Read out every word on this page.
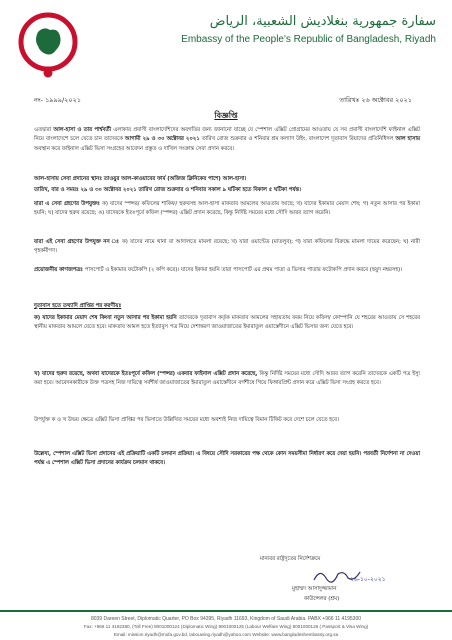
سفارة جمهورية بنغلاديش الشعبية، الرياض
Embassy of the People's Republic of Bangladesh, Riyadh
নং- ১৯৯৯/২০২১	তারিখঃ ২৬ অক্টোবর ২০২১
বিজ্ঞপ্তি
এতদ্বারা আল-হাসা ও তার পার্শ্ববর্তী এলাকার প্রবাসী বাংলাদেশিদের অবগতির জন্য জানানো যাচ্ছে যে স্পেশাল এক্সিট প্রোগ্রামের আওতায় যে সব প্রবাসী বাংলাদেশি ফাইনাল এক্সিট নিয়ে বাংলাদেশে চলে যেতে চান তাদেরকে আগামী ২৯ ও ৩০ অক্টোবর ২০২১ তারিখ রোজ শুক্রবার ও শনিবার শ্রম কল্যাণ উইং, বাংলাদেশ দূতাবাস রিয়াদের প্রতিনিধিদল আল হাসায় অবস্থান করে ফাইনাল এক্সিট ভিসা সংগ্রহের আবেদন প্রস্তুত ও দাখিল সংক্রান্ত সেবা প্রদান করবে।
আল-হাসায় সেবা প্রদানের স্থানঃ তাওয়ুর আল-কাওয়াবের ফার্ম (অজিজ ক্লিনিকের পাশে) আল-হাসা।
তারিখ, বার ও সময়ঃ ২৯ ও ৩০ অক্টোবর ২০২১ তারিখ রোজ শুক্রবার ও শনিবার সকাল ৯ ঘটিকা হতে বিকাল ৫ ঘটিকা পর্যন্ত।
যারা এ সেবা গ্রহণের উপযুক্তঃ ক) যাদের স্পন্সর/ কফিলের শাকিফ/ হুরুবসহ আল-হাসা মাকতাব আমলের আওতায় আছে; খ) যাদের ইকামার মেয়াদ শেষ; গ) নতুন আসার পর ইকামা হয়নি; ঘ) যাদের হুরুব রয়েছে; ঙ) যাদেরকে ইতঃপূর্বে কফিল (স্পন্সর) এক্সিট প্রদান করেছে, কিন্তু নির্দিষ্ট সময়ের মধ্যে সৌদি আরব ত্যাগ করেনি।
যারা এই সেবা গ্রহণের উপযুক্ত নন ঃ ক) যাদের নামে থানা বা আদালতে মামলা রয়েছে; খ) যারা ওয়ান্টেড (মাতলুব); গ) যারা কফিলের বিরুদ্ধে মামলা দায়ের করেছেন; ঘ) নারী গৃহকর্মীগণ।
প্রয়োজনীয় কাগজপত্রঃ পাসপোর্ট ও ইকামার ফটোকপি (২ কপি করে)। যাদের ইকামা হয়নি তারা পাসপোর্ট এর প্রথম পাতা ও ভিসার পাতার ফটোকপি প্রদান করবে (ছয়ুদ নম্বরসহ)।
দূতাবাস হতে তথ্যাদি প্রাপ্তির পর করণীয়ঃ
ক) যাদের ইকামার মেয়াদ শেষ কিংবা নতুন আসার পর ইকামা হয়নি তাদেরকে দূতাবাস কর্তৃক মাকতাব আমলের সহায়তায় ফরম নিয়ে কফিল/ কোম্পানি যে শহরের আওতায় সে শহরের স্থানীয় মাকতাব আমলে যেতে হবে। মাকতাব আমল হতে ইত্যাবুস পত্র নিয়ে দেশান্তরণ জাওয়াজাতের ইমারাতুল ওয়াস্তেদীনে এক্সিট ভিসার জন্য যেতে হবে।
খ) যাদের হুরুব রয়েছে, অথবা যাদেরকে ইতঃপূর্বে কফিল (স্পন্সর) একবার ফাইনাল এক্সিট প্রদান করেছে, কিন্তু নির্দিষ্ট সময়ের মধ্যে সৌদি আরব ত্যাগ করেনি তাদেরকে একটি পত্র ইস্যু করা হবে। আবেদনকারীকে উক্ত পত্রসহ নিজ দায়িত্বে সর্বশীর্ষ জাওয়াজাতের ইমারাতুল ওয়াস্তেদীনে বর্গশীষে গিয়ে ফিঙ্গারপ্রিন্ট প্রদান করে এক্সিট ভিসা সংগ্রহ করতে হবে।
উপর্যুক্ত ক ও খ উভয় ক্ষেত্রে এক্সিট ভিসা প্রাপ্তির পর ভিসাতে উল্লিখিত সময়ের মধ্যে অবশ্যই নিজ দায়িত্বে বিমান টিকিট করে দেশে চলে যেতে হবে।
উল্লেখ্য, স্পেশাল এক্সিট ভিসা প্রদানের এই প্রক্রিয়াটি একটি চলমান প্রক্রিয়া। এ বিষয়ে সৌদি সরকারের পক্ষ থেকে কোন সময়সীমা নির্ধারণ করে দেয়া হয়নি। পরবর্তী নির্দেশনা না দেওয়া পর্যন্ত এ স্পেশাল এক্সিট ভিসা প্রদানের কার্যক্রম চলমান থাকবে।
মান্যবর রাষ্ট্রদূতের নির্দেশক্রমে
২৬-১০-২০২১
মুহাম্মদ আসাদুজ্জামান
কাউন্সেলর (শ্রম)
8039 Dareen Street, Diplomatic Quarter, PO Box 94395, Riyadh 11693, Kingdom of Saudi Arabia. PABX +966 11 4195300
Fax: +966 11 4192380, (Toll Free) 8001000124 (Diplomatic Wing) 8001000125 (Labour Welfare Wing) 8001000126 ( Passport & Visa Wing)
Email: mission.riyadh@mofa.gov.bd, labouwing.riyadh@yahoo.com Website: www.bangladeshembassy.org.sa
